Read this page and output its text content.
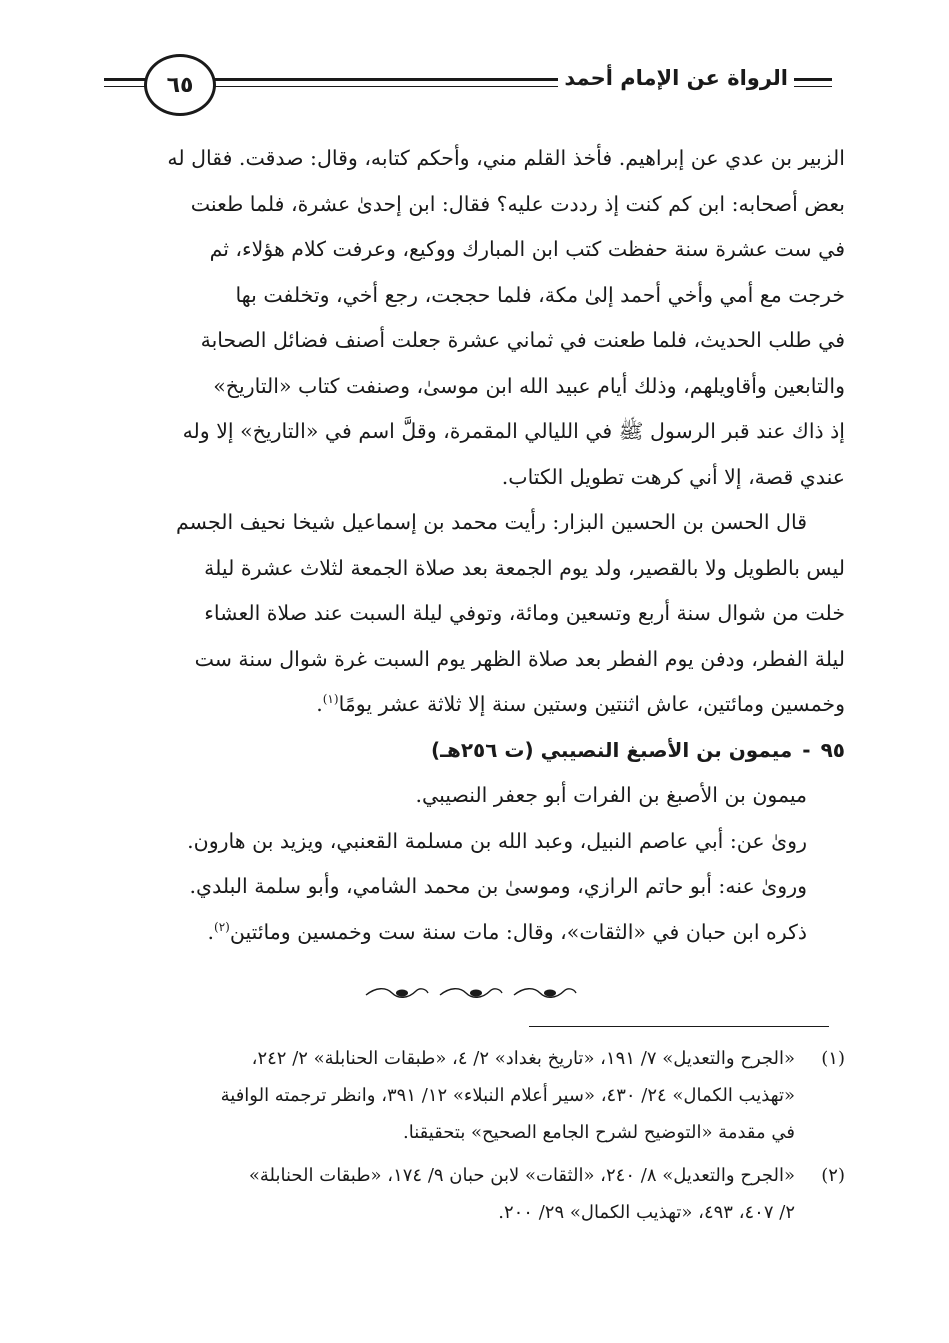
الرواة عن الإمام أحمد
٦٥

الزبير بن عدي عن إبراهيم. فأخذ القلم مني، وأحكم كتابه، وقال: صدقت. فقال له

بعض أصحابه: ابن كم كنت إذ رددت عليه؟ فقال: ابن إحدىٰ عشرة، فلما طعنت

في ست عشرة سنة حفظت كتب ابن المبارك ووكيع، وعرفت كلام هؤلاء، ثم

خرجت مع أمي وأخي أحمد إلىٰ مكة، فلما حججت، رجع أخي، وتخلفت بها

في طلب الحديث، فلما طعنت في ثماني عشرة جعلت أصنف فضائل الصحابة

والتابعين وأقاويلهم، وذلك أيام عبيد الله ابن موسىٰ، وصنفت كتاب «التاريخ»

إذ ذاك عند قبر الرسول ﷺ في الليالي المقمرة، وقلَّ اسم في «التاريخ» إلا وله

عندي قصة، إلا أني كرهت تطويل الكتاب.

قال الحسن بن الحسين البزار: رأيت محمد بن إسماعيل شيخا نحيف الجسم

ليس بالطويل ولا بالقصير، ولد يوم الجمعة بعد صلاة الجمعة لثلاث عشرة ليلة

خلت من شوال سنة أربع وتسعين ومائة، وتوفي ليلة السبت عند صلاة العشاء

ليلة الفطر، ودفن يوم الفطر بعد صلاة الظهر يوم السبت غرة شوال سنة ست

وخمسين ومائتين، عاش اثنتين وستين سنة إلا ثلاثة عشر يومًا$^{(١)}$.

٩٥
-
ميمون بن الأصبغ النصيبي (ت ٢٥٦هـ)

ميمون بن الأصبغ بن الفرات أبو جعفر النصيبي.

روىٰ عن: أبي عاصم النبيل، وعبد الله بن مسلمة القعنبي، ويزيد بن هارون.

وروىٰ عنه: أبو حاتم الرازي، وموسىٰ بن محمد الشامي، وأبو سلمة البلدي.

ذكره ابن حبان في «الثقات»، وقال: مات سنة ست وخمسين ومائتين$^{(٢)}$.

(١)

«الجرح والتعديل» ٧/ ١٩١، «تاريخ بغداد» ٢/ ٤، «طبقات الحنابلة» ٢/ ٢٤٢،

«تهذيب الكمال» ٢٤/ ٤٣٠، «سير أعلام النبلاء» ١٢/ ٣٩١، وانظر ترجمته الوافية

في مقدمة «التوضيح لشرح الجامع الصحيح» بتحقيقنا.

(٢)

«الجرح والتعديل» ٨/ ٢٤٠، «الثقات» لابن حبان ٩/ ١٧٤، «طبقات الحنابلة»

٢/ ٤٠٧، ٤٩٣، «تهذيب الكمال» ٢٩/ ٢٠٠.
